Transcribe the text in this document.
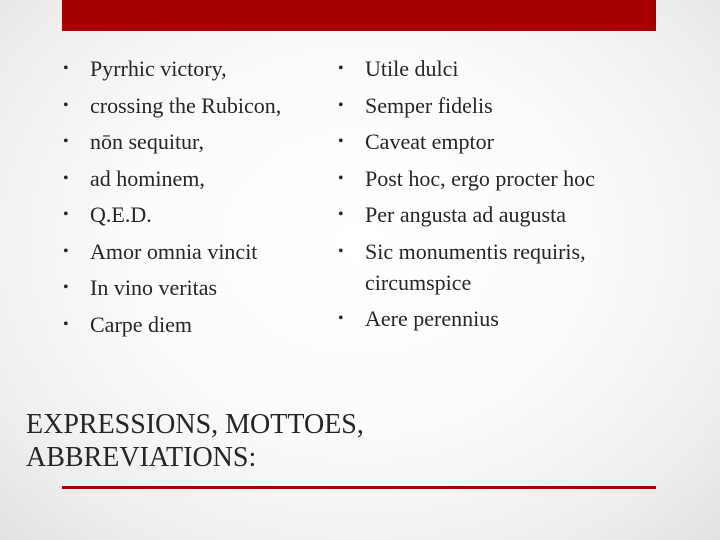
• Pyrrhic victory,
• crossing the Rubicon,
• nōn sequitur,
• ad hominem,
• Q.E.D.
• Amor omnia vincit
• In vino veritas
• Carpe diem
• Utile dulci
• Semper fidelis
• Caveat emptor
• Post hoc, ergo procter hoc
• Per angusta ad augusta
• Sic monumentis requiris, circumspice
• Aere perennius
EXPRESSIONS, MOTTOES, ABBREVIATIONS:
